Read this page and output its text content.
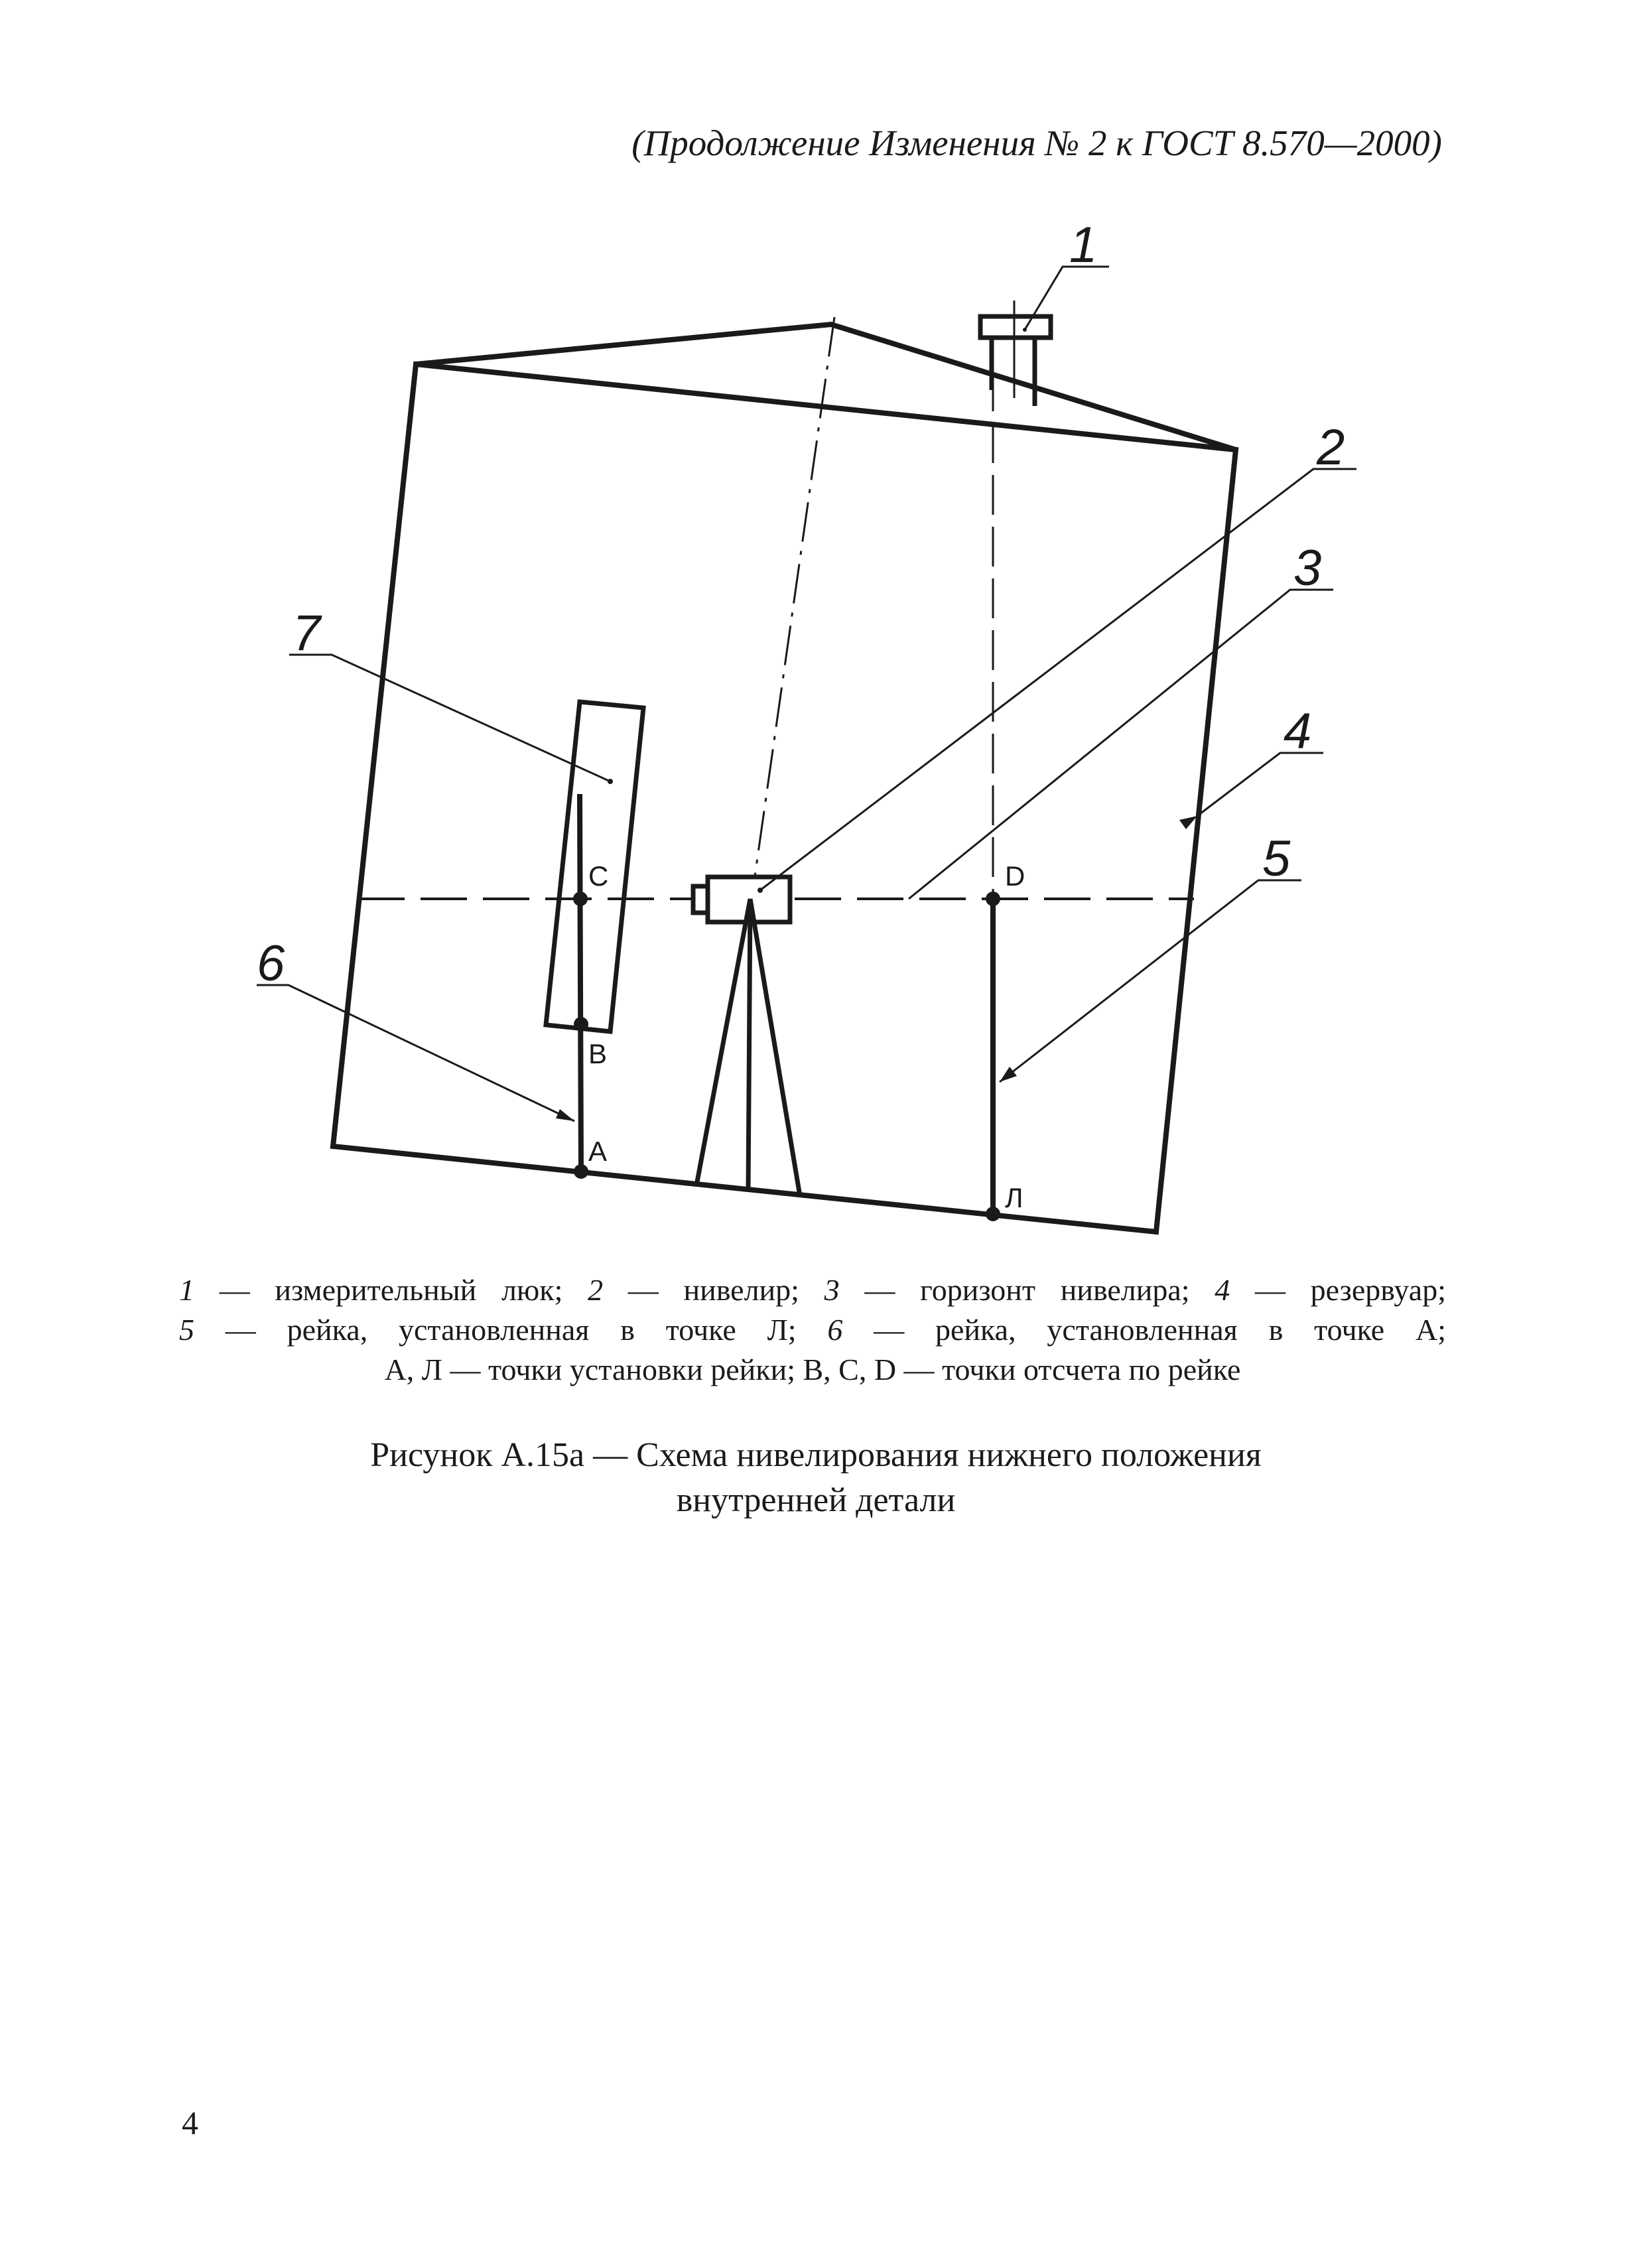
(Продолжение Изменения № 2 к ГОСТ 8.570—2000)
1
2
3
4
5
6
7
C
B
A
D
Л
1 — измерительный люк; 2 — нивелир; 3 — горизонт нивелира; 4 — резервуар;
5 — рейка, установленная в точке Л; 6 — рейка, установленная в точке А;
А, Л — точки установки рейки; В, С, D — точки отсчета по рейке
Рисунок А.15а — Схема нивелирования нижнего положения
внутренней детали
4
